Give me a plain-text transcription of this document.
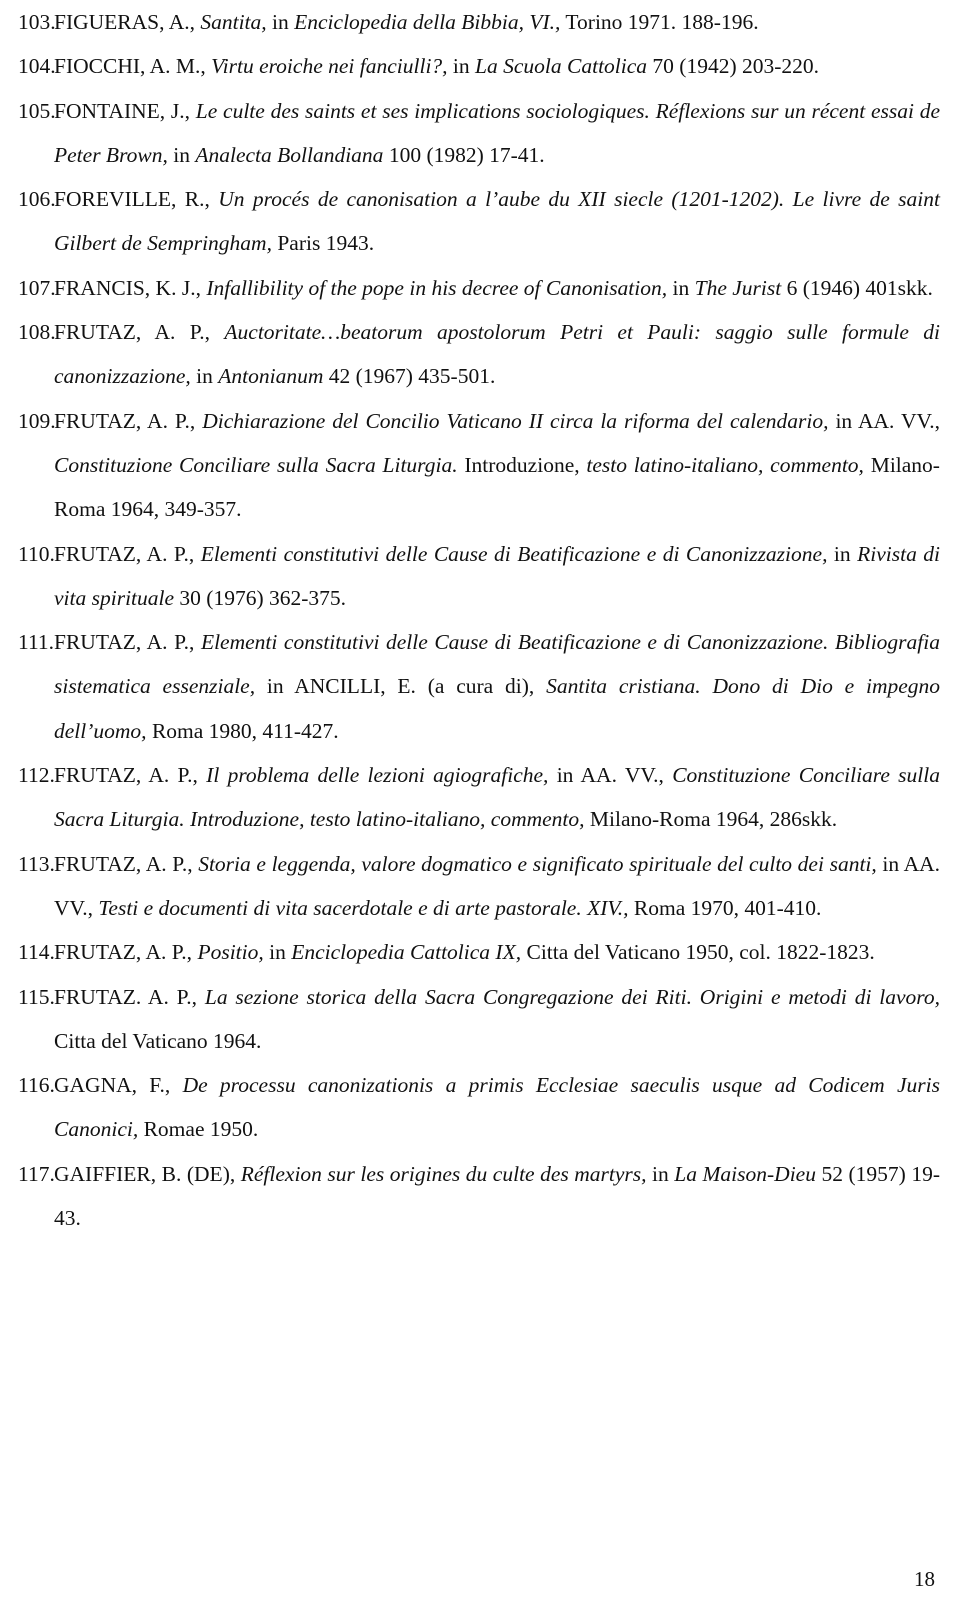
103.
FIGUERAS, A., Santita, in Enciclopedia della Bibbia, VI., Torino 1971. 188-196.
104.
FIOCCHI, A. M., Virtu eroiche nei fanciulli?, in La Scuola Cattolica 70 (1942) 203-220.
105.
FONTAINE, J., Le culte des saints et ses implications sociologiques. Réflexions sur un récent essai de Peter Brown, in Analecta Bollandiana 100 (1982) 17-41.
106.
FOREVILLE, R., Un procés de canonisation a l’aube du XII siecle (1201-1202). Le livre de saint Gilbert de Sempringham, Paris 1943.
107.
FRANCIS, K. J., Infallibility of the pope in his decree of Canonisation, in The Jurist 6 (1946) 401skk.
108.
FRUTAZ, A. P., Auctoritate…beatorum apostolorum Petri et Pauli: saggio sulle formule di canonizzazione, in Antonianum 42 (1967) 435-501.
109.
FRUTAZ, A. P., Dichiarazione del Concilio Vaticano II circa la riforma del calendario, in AA. VV., Constituzione Conciliare sulla Sacra Liturgia. Introduzione, testo latino-italiano, commento, Milano-Roma 1964, 349-357.
110. FRUTAZ, A. P., Elementi constitutivi delle Cause di Beatificazione e di Canonizzazione, in Rivista di vita spirituale 30 (1976) 362-375.
111. FRUTAZ, A. P., Elementi constitutivi delle Cause di Beatificazione e di Canonizzazione. Bibliografia sistematica essenziale, in ANCILLI, E. (a cura di), Santita cristiana. Dono di Dio e impegno dell’uomo, Roma 1980, 411-427.
112. FRUTAZ, A. P., Il problema delle lezioni agiografiche, in AA. VV., Constituzione Conciliare sulla Sacra Liturgia. Introduzione, testo latino-italiano, commento, Milano-Roma 1964, 286skk.
113. FRUTAZ, A. P., Storia e leggenda, valore dogmatico e significato spirituale del culto dei santi, in AA. VV., Testi e documenti di vita sacerdotale e di arte pastorale. XIV., Roma 1970, 401-410.
114. FRUTAZ, A. P., Positio, in Enciclopedia Cattolica IX, Citta del Vaticano 1950, col. 1822-1823.
115. FRUTAZ. A. P., La sezione storica della Sacra Congregazione dei Riti. Origini e metodi di lavoro, Citta del Vaticano 1964.
116. GAGNA, F., De processu canonizationis a primis Ecclesiae saeculis usque ad Codicem Juris Canonici, Romae 1950.
117. GAIFFIER, B. (DE), Réflexion sur les origines du culte des martyrs, in La Maison-Dieu 52 (1957) 19-43.
18
